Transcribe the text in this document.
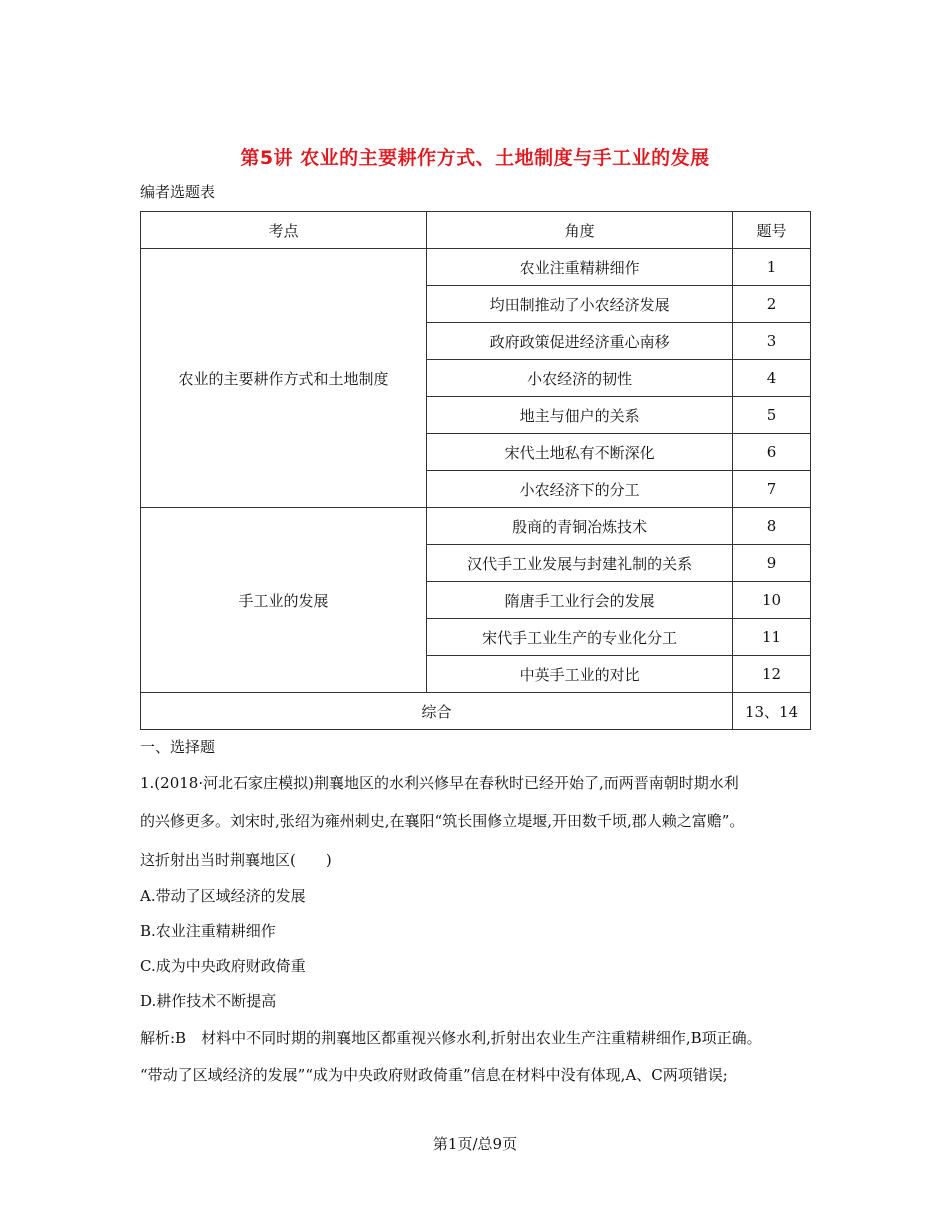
第5讲 农业的主要耕作方式、土地制度与手工业的发展
编者选题表
考点	角度	题号
农业的主要耕作方式和土地制度	农业注重精耕细作	1
	均田制推动了小农经济发展	2
	政府政策促进经济重心南移	3
	小农经济的韧性	4
	地主与佃户的关系	5
	宋代土地私有不断深化	6
	小农经济下的分工	7
手工业的发展	殷商的青铜冶炼技术	8
	汉代手工业发展与封建礼制的关系	9
	隋唐手工业行会的发展	10
	宋代手工业生产的专业化分工	11
	中英手工业的对比	12
综合		13、14
一、选择题
1.(2018·河北石家庄模拟)荆襄地区的水利兴修早在春秋时已经开始了,而两晋南朝时期水利
的兴修更多。刘宋时,张绍为雍州刺史,在襄阳“筑长围修立堤堰,开田数千顷,郡人赖之富赡”。
这折射出当时荆襄地区(　　)
A.带动了区域经济的发展
B.农业注重精耕细作
C.成为中央政府财政倚重
D.耕作技术不断提高
解析:B　材料中不同时期的荆襄地区都重视兴修水利,折射出农业生产注重精耕细作,B项正确。
“带动了区域经济的发展”“成为中央政府财政倚重”信息在材料中没有体现,A、C两项错误;
第1页/总9页
